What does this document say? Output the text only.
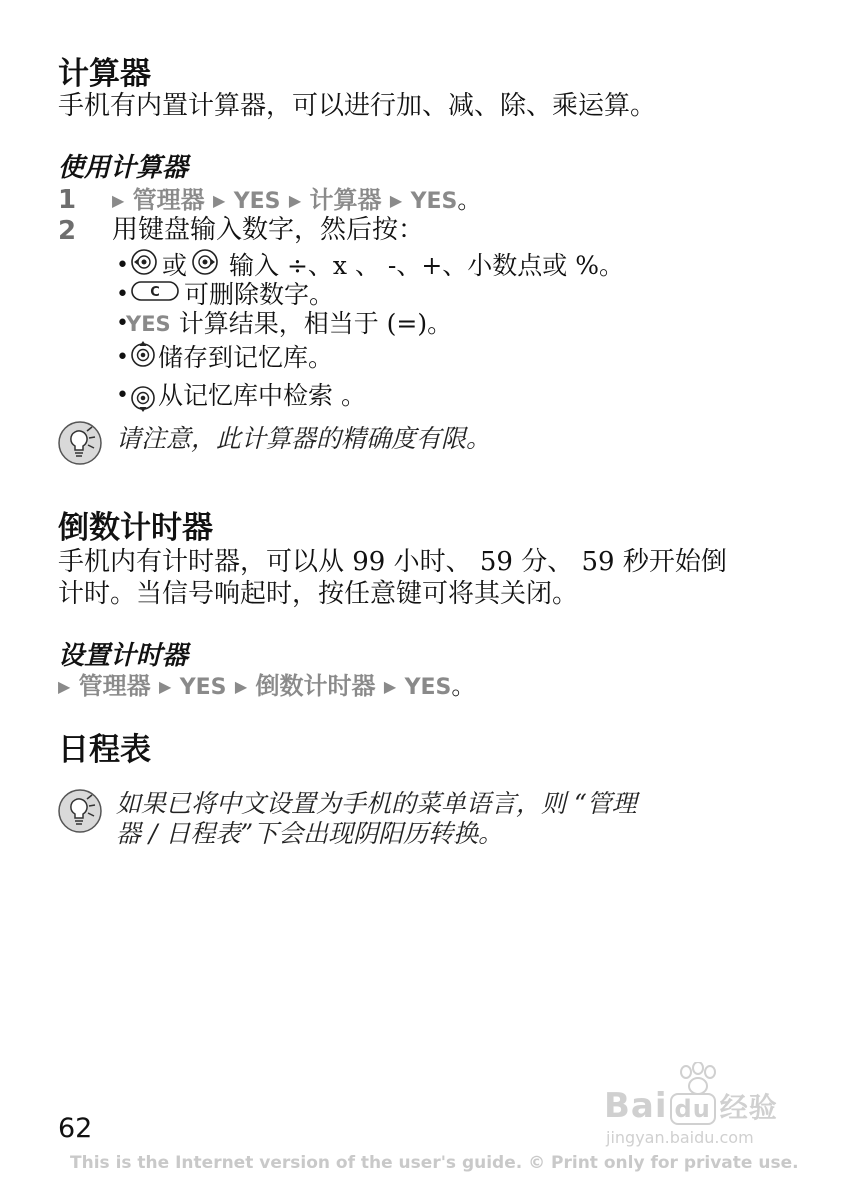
计算器
手机有内置计算器，可以进行加、减、除、乘运算。
使用计算器
1 ▶ 管理器 ▶ YES ▶ 计算器 ▶ YES。
2 用键盘输入数字，然后按：
• 或 输入 ÷、x 、 -、+、小数点或 %。
• C 可删除数字。
•
YES 计算结果，相当于 (=)。
• 储存到记忆库。
• 从记忆库中检索 。
请注意，此计算器的精确度有限。
倒数计时器
手机内有计时器，可以从 99 小时、 59 分、 59 秒开始倒
计时。当信号响起时，按任意键可将其关闭。
设置计时器
▶ 管理器 ▶ YES ▶ 倒数计时器 ▶ YES。
日程表
如果已将中文设置为手机的菜单语言，则 “管理
器 / 日程表”下会出现阴阳历转换。
62
Bai du 经验
jingyan.baidu.com
This is the Internet version of the user's guide. © Print only for private use.
